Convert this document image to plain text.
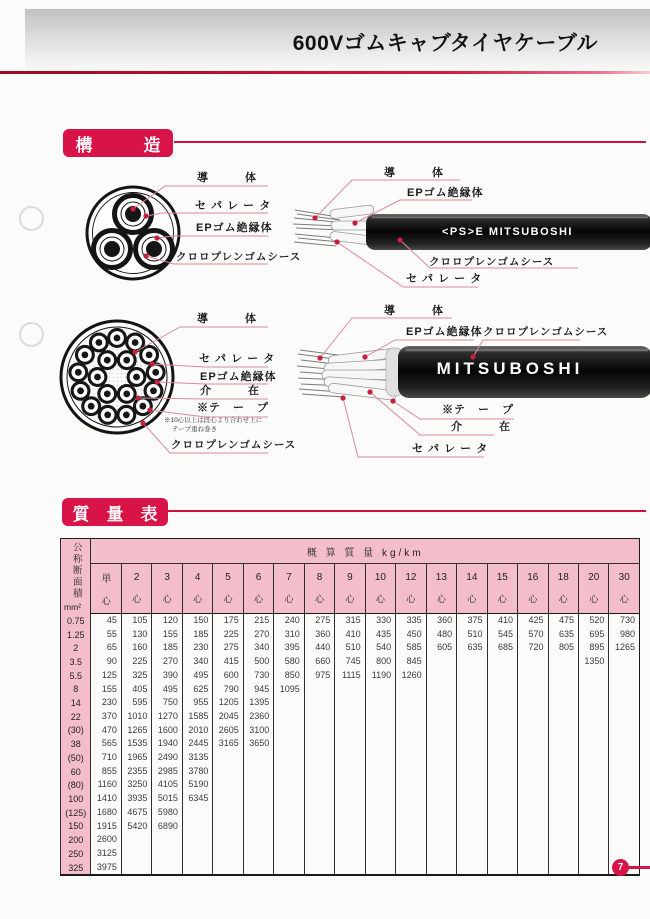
600Vゴムキャブタイヤケーブル
構　　　造
導　　　体
セ パ レ ー タ
EPゴム絶縁体
クロロプレンゴムシース
導　　　体
EPゴム絶縁体
クロロプレンゴムシース
セ パ レ ー タ
導　　　体
セ パ レ ー タ
EPゴム絶縁体
介　　　在
※テ　ー　プ
※10心以上は段心より合わせ上に
テープ重ね巻き
クロロプレンゴムシース
導　　　体
EPゴム絶縁体 クロロプレンゴムシース
※テ　ー　プ
介　　　在
セ パ レ ー タ
<PS>E MITSUBOSHI
MITSUBOSHI
質　量　表
公称断面積
mm²	概 算 質 量 kg/km																	

単
心

2
心

3
心

4
心

5
心

6
心

7
心

8
心

9
心

10
心

12
心

13
心

14
心

15
心

16
心

18
心

20
心

30
心

0.75	45	105	120	150	175	215	240	275	315	330	335	360	375	410	425	475	520	730
1.25	55	130	155	185	225	270	310	360	410	435	450	480	510	545	570	635	695	980
2	65	160	185	230	275	340	395	440	510	540	585	605	635	685	720	805	895	1265
3.5	90	225	270	340	415	500	580	660	745	800	845						1350	
5.5	125	325	390	495	600	730	850	975	1115	1190	1260							
8	155	405	495	625	790	945	1095											
14	230	595	750	955	1205	1395												
22	370	1010	1270	1585	2045	2360												
(30)	470	1265	1600	2010	2605	3100												
38	565	1535	1940	2445	3165	3650												
(50)	710	1965	2490	3135														
60	855	2355	2985	3780														
(80)	1160	3250	4105	5190														
100	1410	3935	5015	6345														
(125)	1680	4675	5980															
150	1915	5420	6890															
200	2600																	
250	3125																	
325	3975																		7
